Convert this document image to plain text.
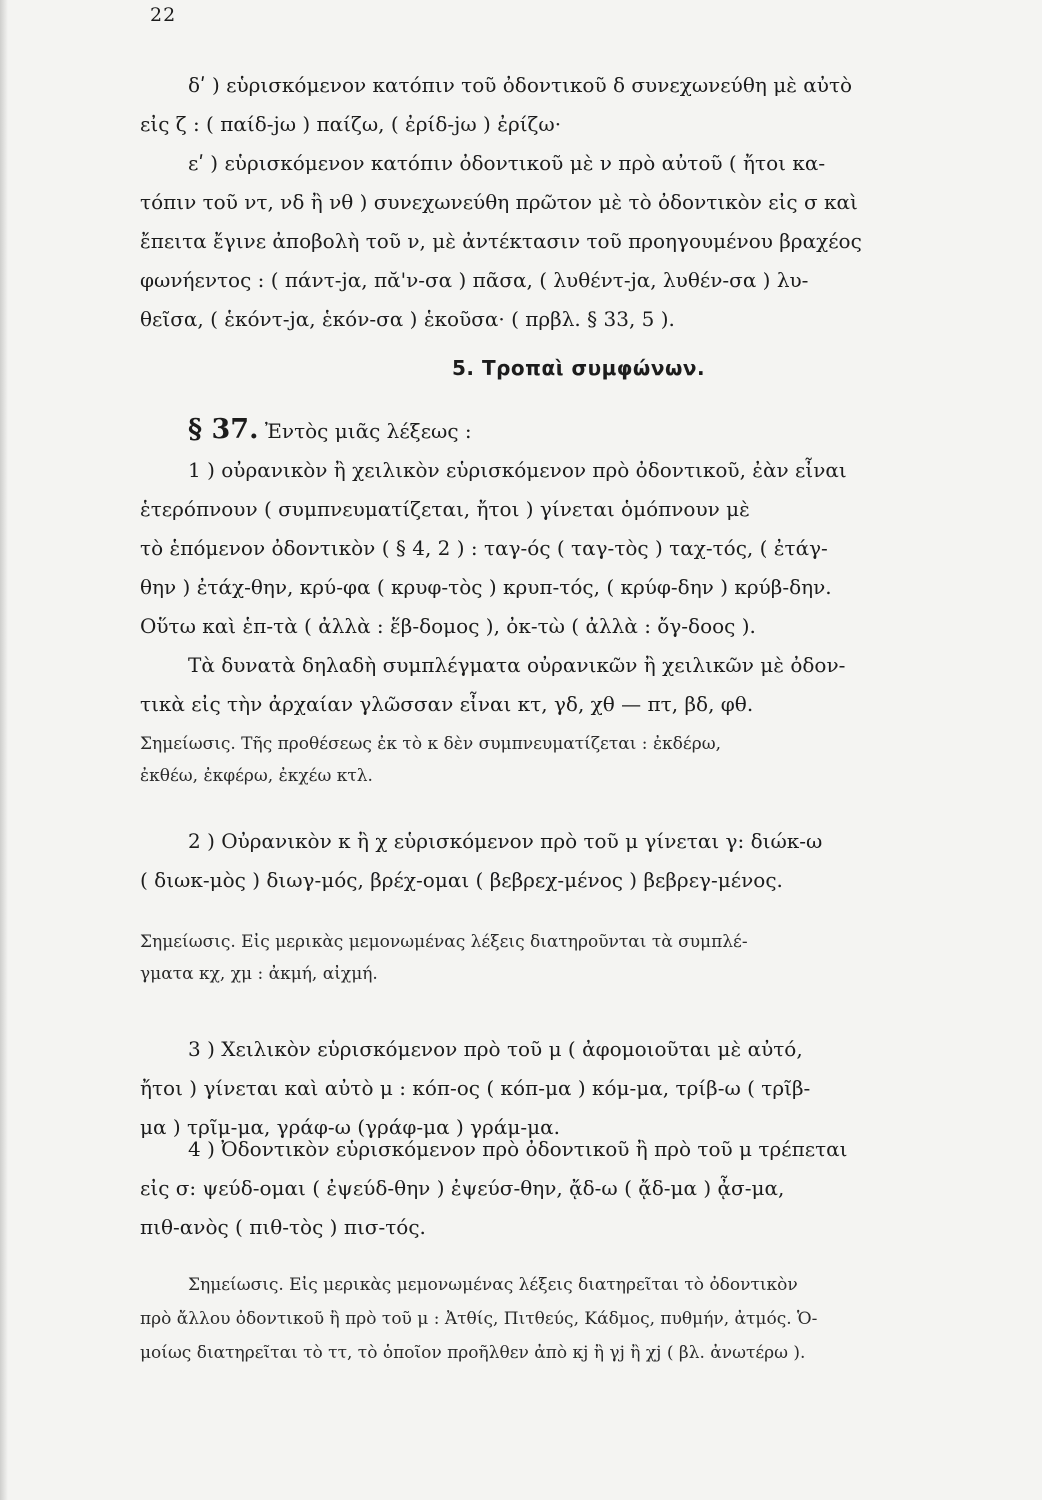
22
δʹ ) εὑρισκόμενον κατόπιν τοῦ ὀδοντικοῦ δ συνεχωνεύθη μὲ αὐτὸ
εἰς ζ : ( παίδ-jω ) παίζω, ( ἐρίδ-jω ) ἐρίζω·
εʹ ) εὑρισκόμενον κατόπιν ὀδοντικοῦ μὲ ν πρὸ αὐτοῦ ( ἤτοι κα-
τόπιν τοῦ ντ, νδ ἢ νθ ) συνεχωνεύθη πρῶτον μὲ τὸ ὀδοντικὸν εἰς σ καὶ
ἔπειτα ἔγινε ἀποβολὴ τοῦ ν, μὲ ἀντέκτασιν τοῦ προηγουμένου βραχέος
φωνήεντος : ( πάντ-jα, πᾰ'ν-σα ) πᾶσα, ( λυθέντ-jα, λυθέν-σα ) λυ-
θεῖσα, ( ἑκόντ-jα, ἑκόν-σα ) ἑκοῦσα· ( πρβλ. § 33, 5 ).
5. Τροπαὶ συμφώνων.
§ 37. Ἐντὸς μιᾶς λέξεως :
1 ) οὐρανικὸν ἢ χειλικὸν εὑρισκόμενον πρὸ ὀδοντικοῦ, ἐὰν εἶναι
ἑτερόπνουν ( συμπνευματίζεται, ἤτοι ) γίνεται ὁμόπνουν μὲ
τὸ ἑπόμενον ὀδοντικὸν ( § 4, 2 ) : ταγ-ός ( ταγ-τὸς ) ταχ-τός, ( ἐτάγ-
θην ) ἐτάχ-θην, κρύ-φα ( κρυφ-τὸς ) κρυπ-τός, ( κρύφ-δην ) κρύβ-δην.
Οὕτω καὶ ἑπ-τὰ ( ἀλλὰ : ἕβ-δομος ), ὀκ-τὼ ( ἀλλὰ : ὄγ-δοος ).
Τὰ δυνατὰ δηλαδὴ συμπλέγματα οὐρανικῶν ἢ χειλικῶν μὲ ὀδον-
τικὰ εἰς τὴν ἀρχαίαν γλῶσσαν εἶναι κτ, γδ, χθ — πτ, βδ, φθ.
Σημείωσις. Τῆς προθέσεως ἐκ τὸ κ δὲν συμπνευματίζεται : ἐκδέρω,
ἐκθέω, ἐκφέρω, ἐκχέω κτλ.
2 ) Οὐρανικὸν κ ἢ χ εὑρισκόμενον πρὸ τοῦ μ γίνεται γ: διώκ-ω
( διωκ-μὸς ) διωγ-μός, βρέχ-ομαι ( βεβρεχ-μένος ) βεβρεγ-μένος.
Σημείωσις. Εἰς μερικὰς μεμονωμένας λέξεις διατηροῦνται τὰ συμπλέ-
γματα κχ, χμ : ἀκμή, αἰχμή.
3 ) Χειλικὸν εὑρισκόμενον πρὸ τοῦ μ ( ἀφομοιοῦται μὲ αὐτό,
ἤτοι ) γίνεται καὶ αὐτὸ μ : κόπ-ος ( κόπ-μα ) κόμ-μα, τρίβ-ω ( τρῖβ-
μα ) τρῖμ-μα, γράφ-ω (γράφ-μα ) γράμ-μα.
4 ) Ὀδοντικὸν εὑρισκόμενον πρὸ ὀδοντικοῦ ἢ πρὸ τοῦ μ τρέπεται
εἰς σ: ψεύδ-ομαι ( ἐψεύδ-θην ) ἐψεύσ-θην, ᾄδ-ω ( ᾄδ-μα ) ᾆσ-μα,
πιθ-ανὸς ( πιθ-τὸς ) πισ-τός.
Σημείωσις. Εἰς μερικὰς μεμονωμένας λέξεις διατηρεῖται τὸ ὀδοντικὸν
πρὸ ἄλλου ὀδοντικοῦ ἢ πρὸ τοῦ μ : Ἀτθίς, Πιτθεύς, Κάδμος, πυθμήν, ἀτμός. Ὁ-
μοίως διατηρεῖται τὸ ττ, τὸ ὁποῖον προῆλθεν ἀπὸ κj ἢ γj ἢ χj ( βλ. ἀνωτέρω ).
